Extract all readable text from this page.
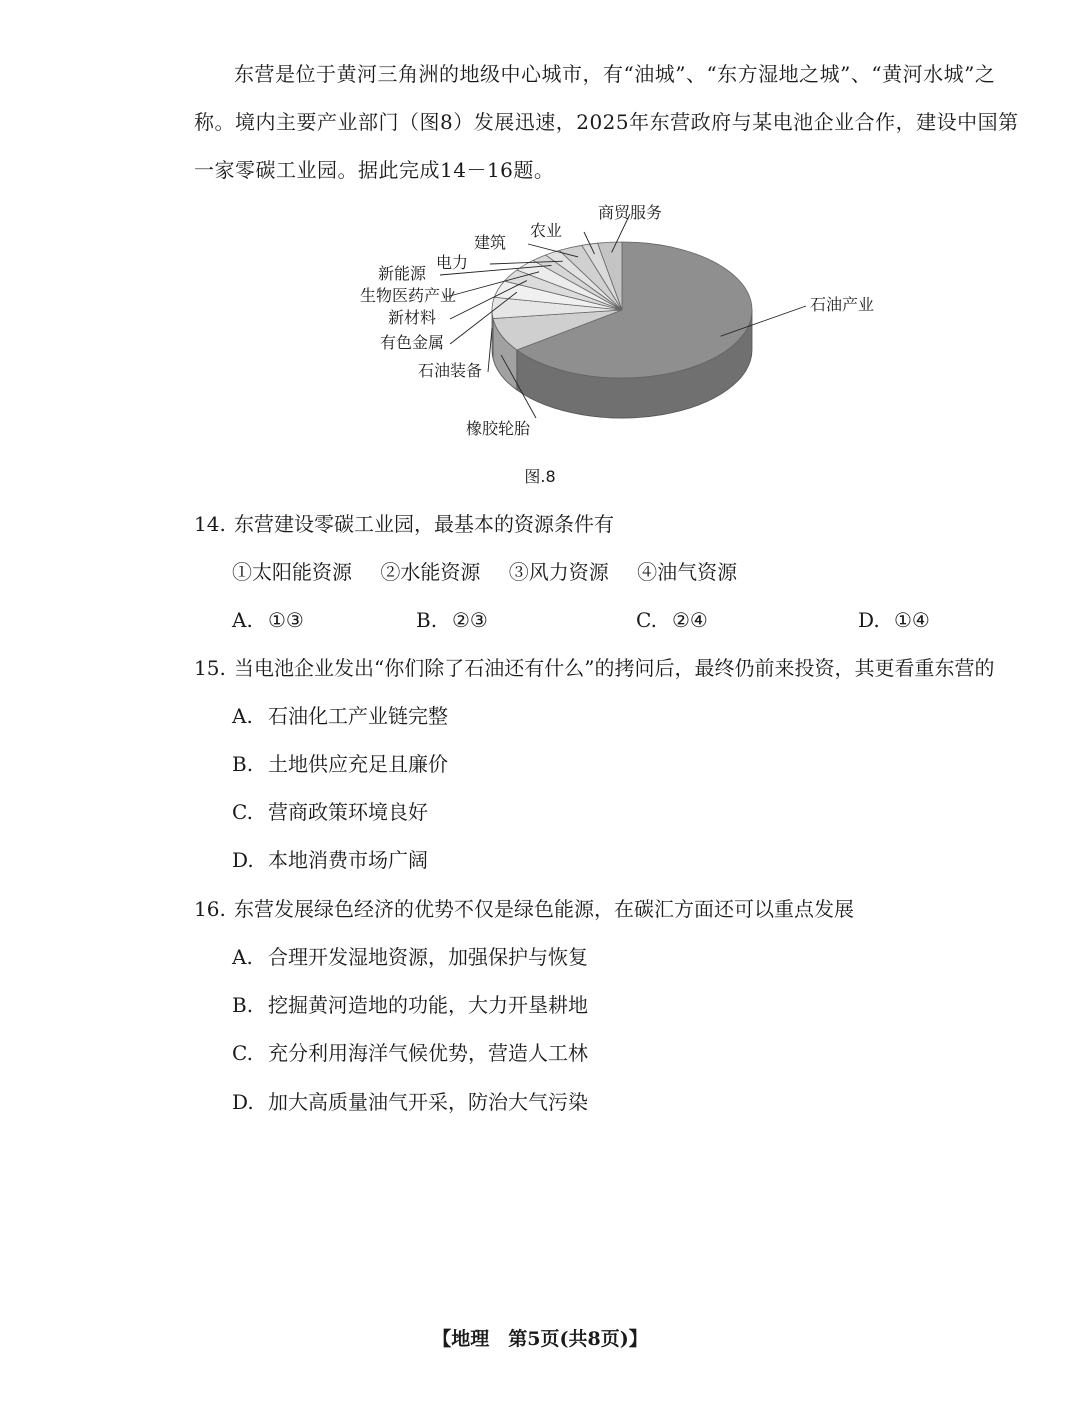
东营是位于黄河三角洲的地级中心城市，有“油城”、“东方湿地之城”、“黄河水城”之称。境内主要产业部门（图8）发展迅速，2025年东营政府与某电池企业合作，建设中国第一家零碳工业园。据此完成14－16题。

石油产业
橡胶轮胎
石油装备
有色金属
新材料
生物医药产业
新能源
电力
建筑
农业
商贸服务
图.8
14. 东营建设零碳工业园，最基本的资源条件有
①太阳能资源 ②水能资源 ③风力资源 ④油气资源
A. ①③	B. ②③	C. ②④	D. ①④
15. 当电池企业发出“你们除了石油还有什么”的拷问后，最终仍前来投资，其更看重东营的
A. 石油化工产业链完整
B. 土地供应充足且廉价
C. 营商政策环境良好
D. 本地消费市场广阔
16. 东营发展绿色经济的优势不仅是绿色能源，在碳汇方面还可以重点发展
A. 合理开发湿地资源，加强保护与恢复
B. 挖掘黄河造地的功能，大力开垦耕地
C. 充分利用海洋气候优势，营造人工林
D. 加大高质量油气开采，防治大气污染
【地理　第5页(共8页)】
